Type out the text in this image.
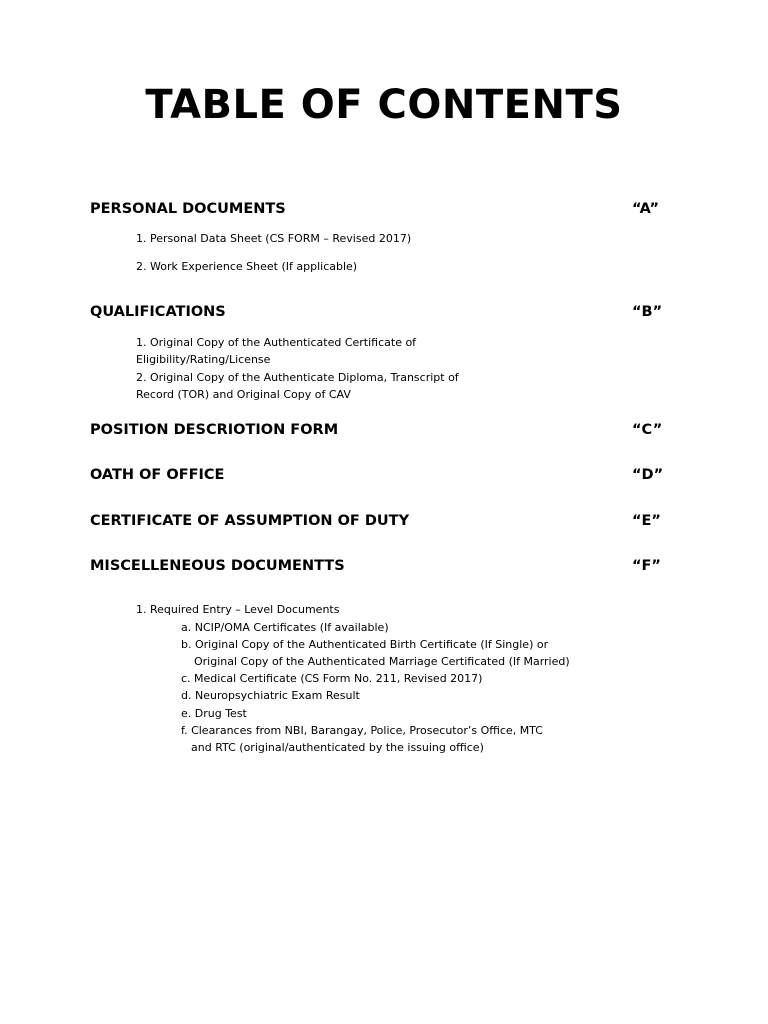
TABLE OF CONTENTS
PERSONAL DOCUMENTS	“A”
1. Personal Data Sheet (CS FORM – Revised 2017)
2. Work Experience Sheet (If applicable)
QUALIFICATIONS	“B”
1. Original Copy of the Authenticated Certificate of
Eligibility/Rating/License
2. Original Copy of the Authenticate Diploma, Transcript of
Record (TOR) and Original Copy of CAV
POSITION DESCRIOTION FORM	“C”
OATH OF OFFICE	“D”
CERTIFICATE OF ASSUMPTION OF DUTY	“E”
MISCELLENEOUS DOCUMENTTS	“F”
1. Required Entry – Level Documents
a. NCIP/OMA Certificates (If available)
b. Original Copy of the Authenticated Birth Certificate (If Single) or
Original Copy of the Authenticated Marriage Certificated (If Married)
c. Medical Certificate (CS Form No. 211, Revised 2017)
d. Neuropsychiatric Exam Result
e. Drug Test
f. Clearances from NBI, Barangay, Police, Prosecutor’s Office, MTC
and RTC (original/authenticated by the issuing office)
